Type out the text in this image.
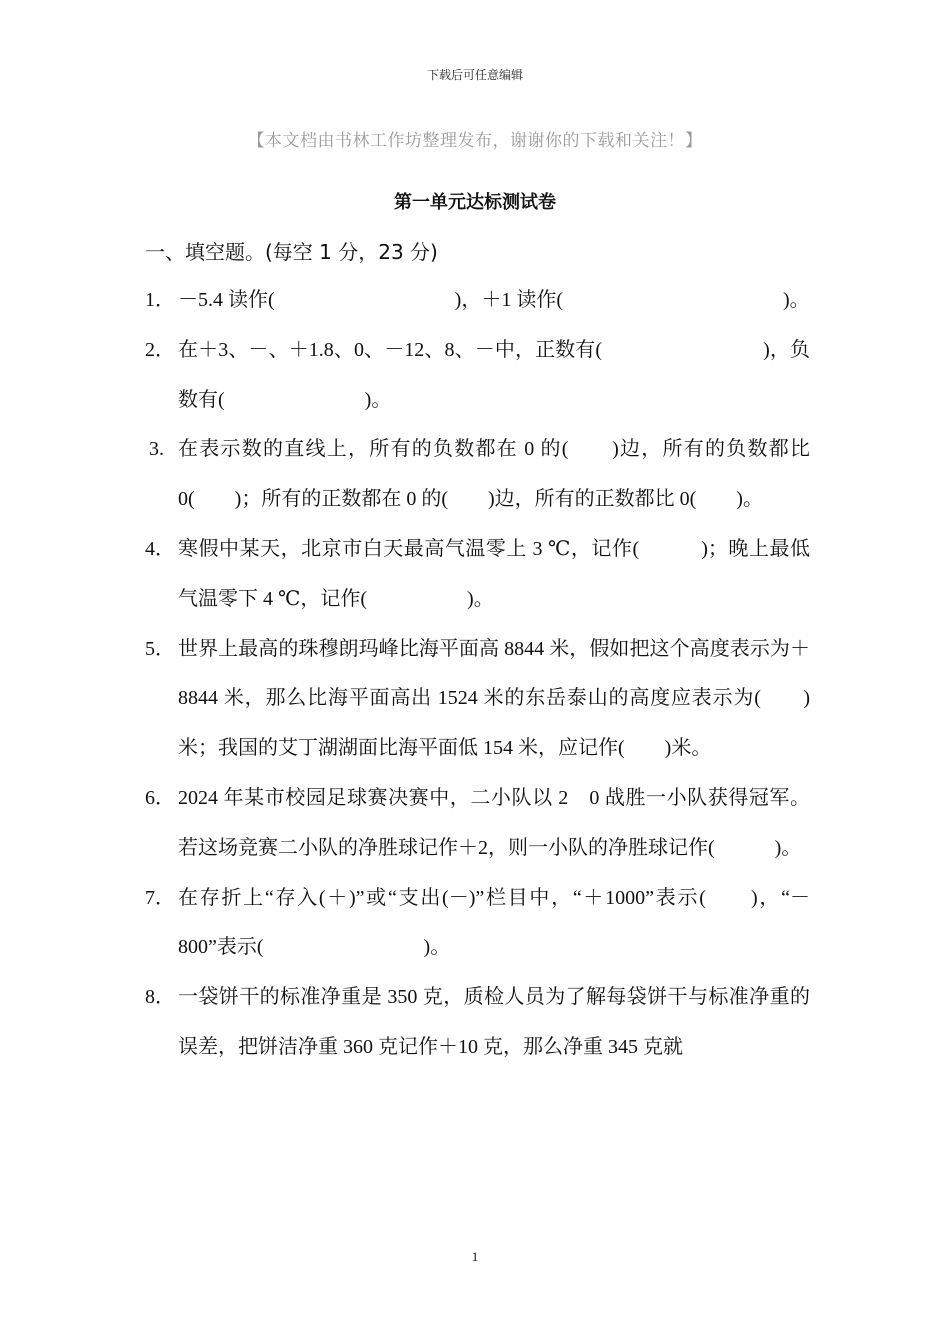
下载后可任意编辑
【本文档由书林工作坊整理发布，谢谢你的下载和关注！】
第一单元达标测试卷
一、填空题。(每空 1 分，23 分)
1． －5.4 读作(　　　　　　　　　)，＋1 读作(　　　　　　　　　　　)。
2． 在＋3、－、＋1.8、0、－12、8、－中，正数有(　　　　　　　　)，负数有(　　　　　　　)。
3. 在表示数的直线上，所有的负数都在 0 的(　　)边，所有的负数都比 0(　　)；所有的正数都在 0 的(　　)边，所有的正数都比 0(　　)。
4． 寒假中某天，北京市白天最高气温零上 3 ℃，记作(　　　)；晚上最低气温零下 4 ℃，记作(　　　　　)。
5． 世界上最高的珠穆朗玛峰比海平面高 8844 米，假如把这个高度表示为＋8844 米，那么比海平面高出 1524 米的东岳泰山的高度应表示为(　　)米；我国的艾丁湖湖面比海平面低 154 米，应记作(　　)米。
6． 2024 年某市校园足球赛决赛中，二小队以 2　0 战胜一小队获得冠军。若这场竞赛二小队的净胜球记作＋2，则一小队的净胜球记作(　　　)。
7． 在存折上“存入(＋)”或“支出(－)”栏目中，“＋1000”表示(　　)，“－800”表示(　　　　　　　　)。
8． 一袋饼干的标准净重是 350 克，质检人员为了解每袋饼干与标准净重的误差，把饼洁净重 360 克记作＋10 克，那么净重 345 克就
1
